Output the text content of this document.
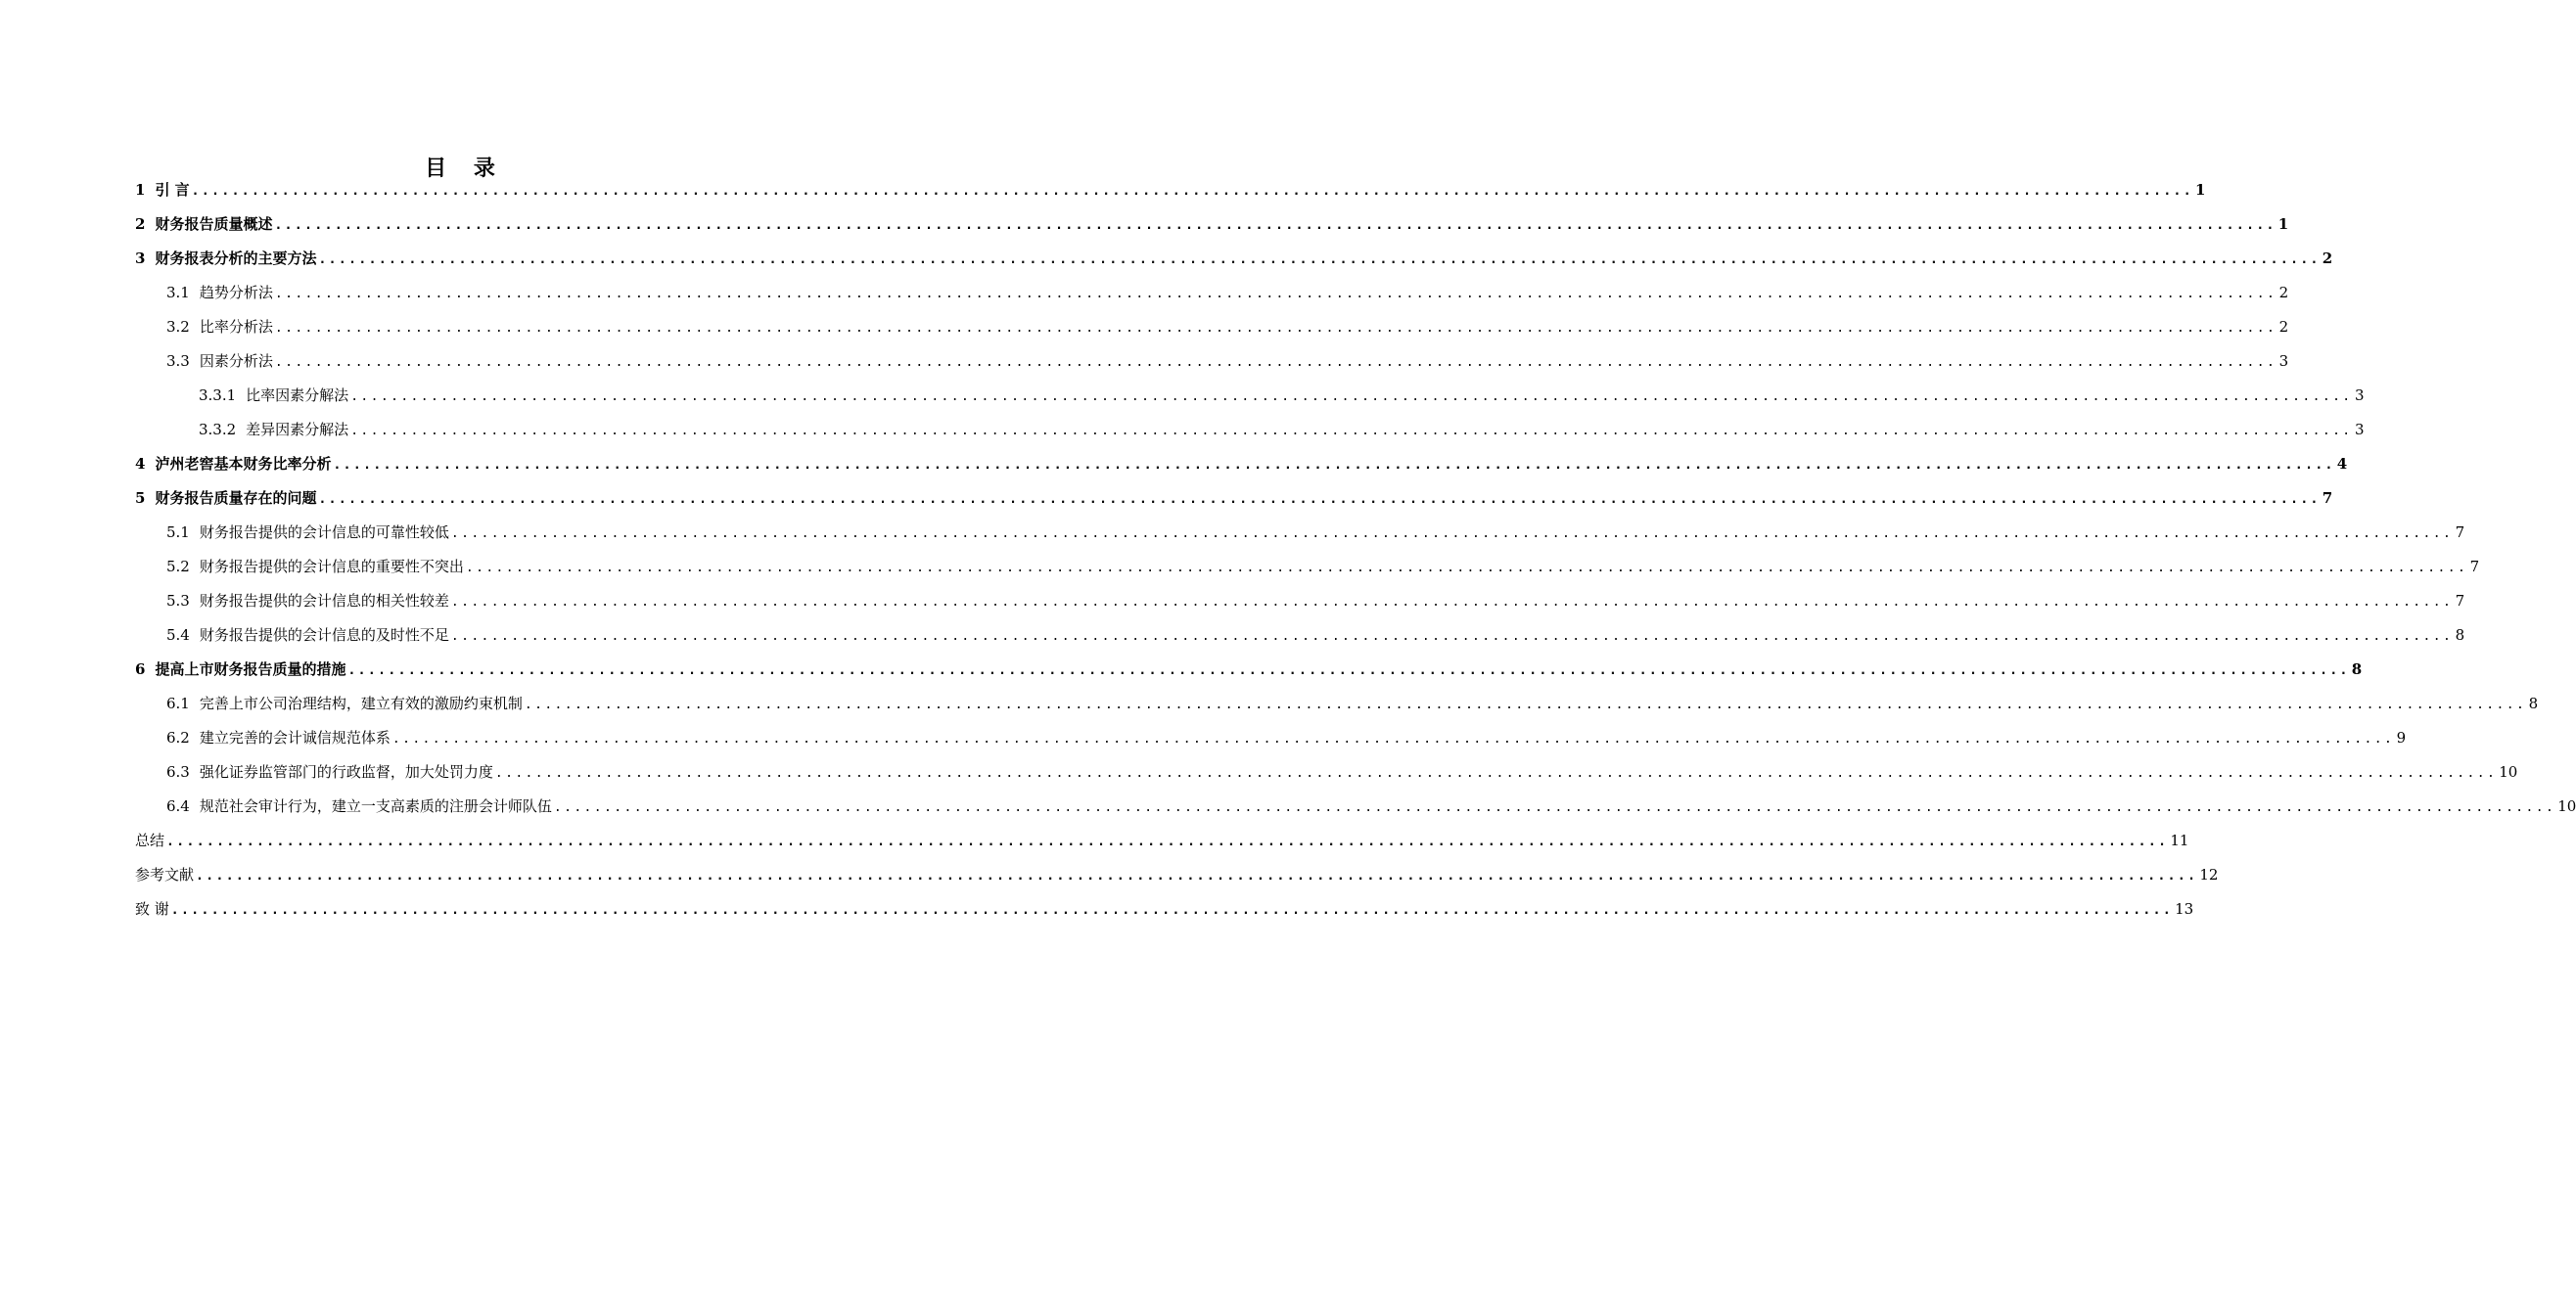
目 录
1 引 言 ........................................................................................................................................................................................................ 1
2 财务报告质量概述 ........................................................................................................................................................................................................ 1
3 财务报表分析的主要方法 ........................................................................................................................................................................................................ 2
3.1 趋势分析法 ........................................................................................................................................................................................................ 2
3.2 比率分析法 ........................................................................................................................................................................................................ 2
3.3 因素分析法 ........................................................................................................................................................................................................ 3
3.3.1 比率因素分解法 ........................................................................................................................................................................................................ 3
3.3.2 差异因素分解法 ........................................................................................................................................................................................................ 3
4 泸州老窖基本财务比率分析 ........................................................................................................................................................................................................ 4
5 财务报告质量存在的问题 ........................................................................................................................................................................................................ 7
5.1 财务报告提供的会计信息的可靠性较低 ........................................................................................................................................................................................................ 7
5.2 财务报告提供的会计信息的重要性不突出 ........................................................................................................................................................................................................ 7
5.3 财务报告提供的会计信息的相关性较差 ........................................................................................................................................................................................................ 7
5.4 财务报告提供的会计信息的及时性不足 ........................................................................................................................................................................................................ 8
6 提高上市财务报告质量的措施 ........................................................................................................................................................................................................ 8
6.1 完善上市公司治理结构，建立有效的激励约束机制 ........................................................................................................................................................................................................ 8
6.2 建立完善的会计诚信规范体系 ........................................................................................................................................................................................................ 9
6.3 强化证券监管部门的行政监督，加大处罚力度 ........................................................................................................................................................................................................ 10
6.4 规范社会审计行为，建立一支高素质的注册会计师队伍 ........................................................................................................................................................................................................ 10
总结 ........................................................................................................................................................................................................ 11
参考文献 ........................................................................................................................................................................................................ 12
致 谢 ........................................................................................................................................................................................................ 13
